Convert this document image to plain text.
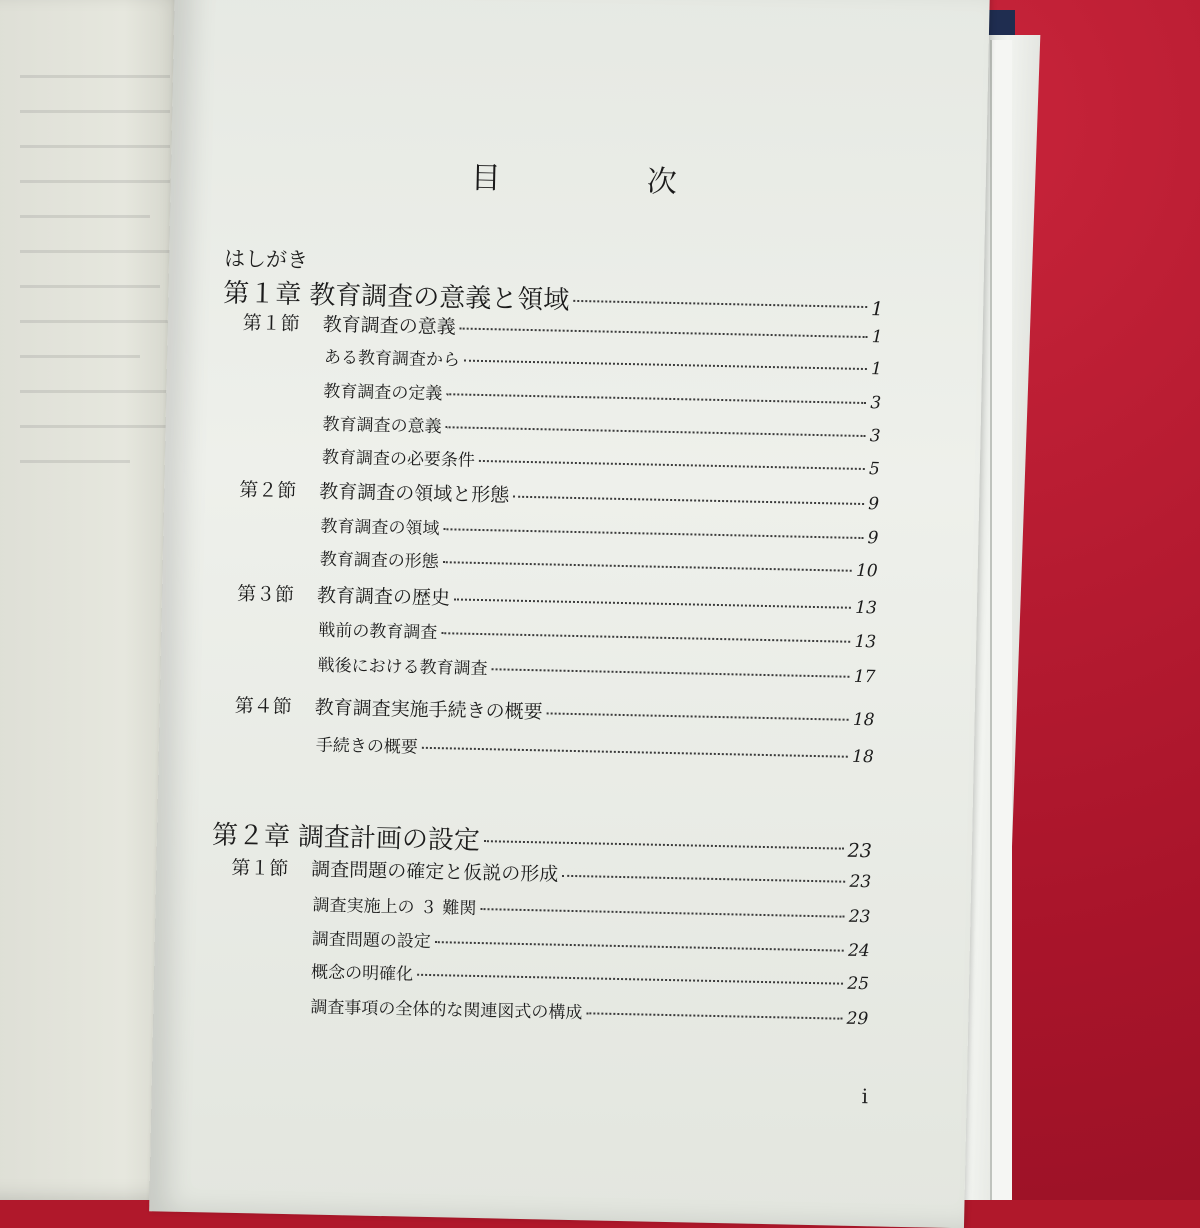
目　次
はしがき
第１章 教育調査の意義と領域	1
第１節	教育調査の意義	1
ある教育調査から	1
教育調査の定義	3
教育調査の意義	3
教育調査の必要条件	5
第２節	教育調査の領域と形態	9
教育調査の領域	9
教育調査の形態	10
第３節	教育調査の歴史	13
戦前の教育調査	13
戦後における教育調査	17
第４節	教育調査実施手続きの概要	18
手続きの概要	18
第２章 調査計画の設定	23
第１節	調査問題の確定と仮説の形成	23
調査実施上の ３ 難関	23
調査問題の設定	24
概念の明確化	25
調査事項の全体的な関連図式の構成	29
i
